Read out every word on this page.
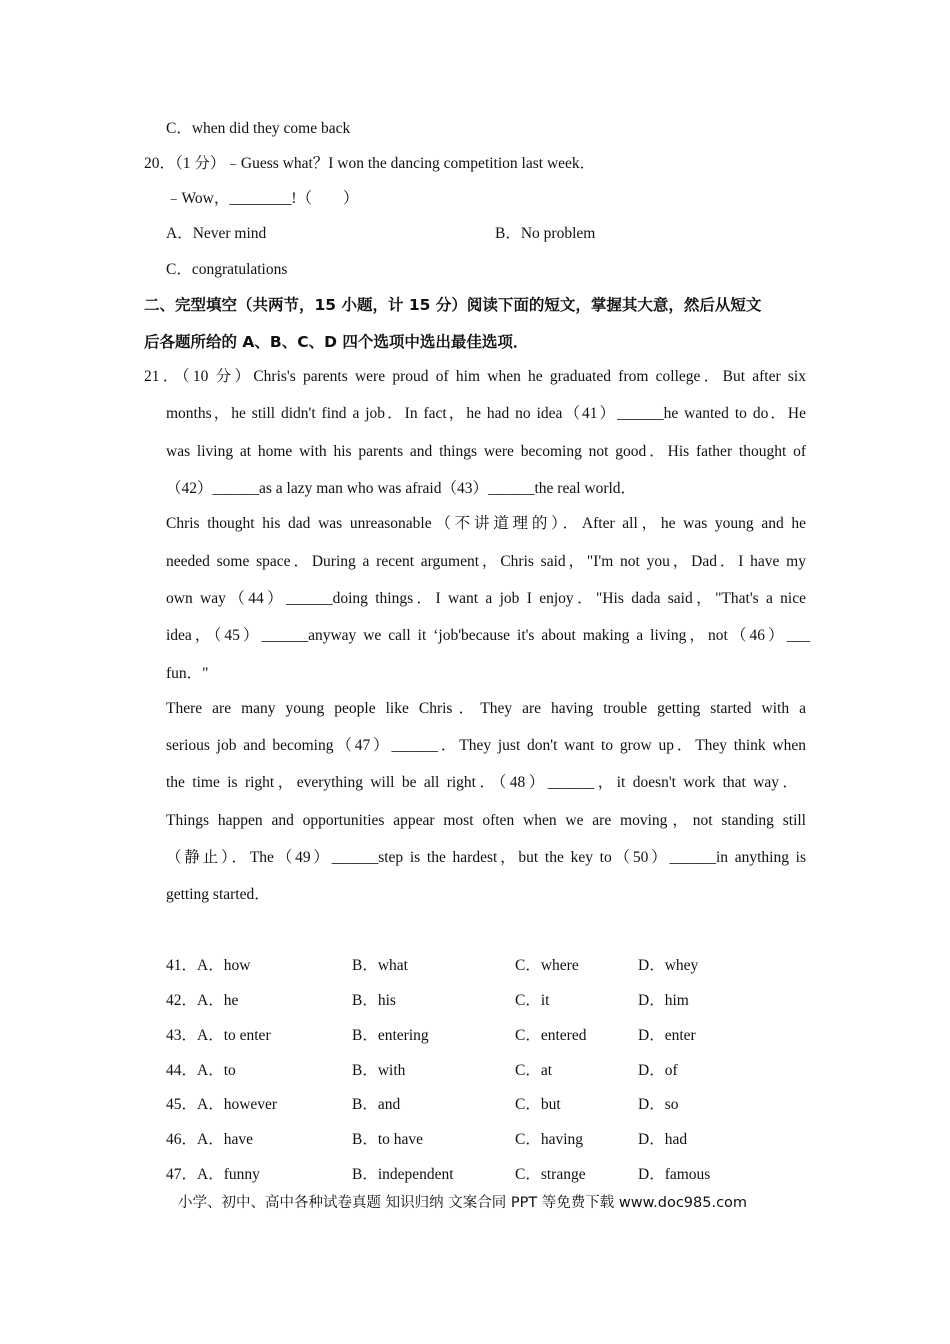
C．when did they come back
20．（1 分）﹣Guess what？I won the dancing competition last week．
﹣Wow，________!（　　）
A．Never mind	B．No problem
C．congratulations
二、完型填空（共两节，15 小题，计 15 分）阅读下面的短文，掌握其大意，然后从短文
后各题所给的 A、B、C、D 四个选项中选出最佳选项．
21．（10 分）Chris's parents were proud of him when he graduated from college．But after six
months，he still didn't find a job．In fact，he had no idea（41）______he wanted to do．He
was living at home with his parents and things were becoming not good．His father thought of
（42）______as a lazy man who was afraid（43）______the real world．
Chris thought his dad was unreasonable（不讲道理的）．After all，he was young and he
needed some space．During a recent argument，Chris said，"I'm not you，Dad．I have my
own way（44）______doing things．I want a job I enjoy．"His dada said，"That's a nice
idea，（45）______anyway we call it ‘job'because it's about making a living，not（46）___
fun．"
There are many young people like Chris．They are having trouble getting started with a
serious job and becoming（47）______．They just don't want to grow up．They think when
the time is right，everything will be all right．（48）______，it doesn't work that way．
Things happen and opportunities appear most often when we are moving，not standing still
（静止）．The（49）______step is the hardest，but the key to（50）______in anything is
getting started．
41．A．how	B．what	C．where	D．whey
42．A．he	B．his	C．it	D．him
43．A．to enter	B．entering	C．entered	D．enter
44．A．to	B．with	C．at	D．of
45．A．however	B．and	C．but	D．so
46．A．have	B．to have	C．having	D．had
47．A．funny	B．independent	C．strange	D．famous
小学、初中、高中各种试卷真题 知识归纳 文案合同 PPT 等免费下载 www.doc985.com
